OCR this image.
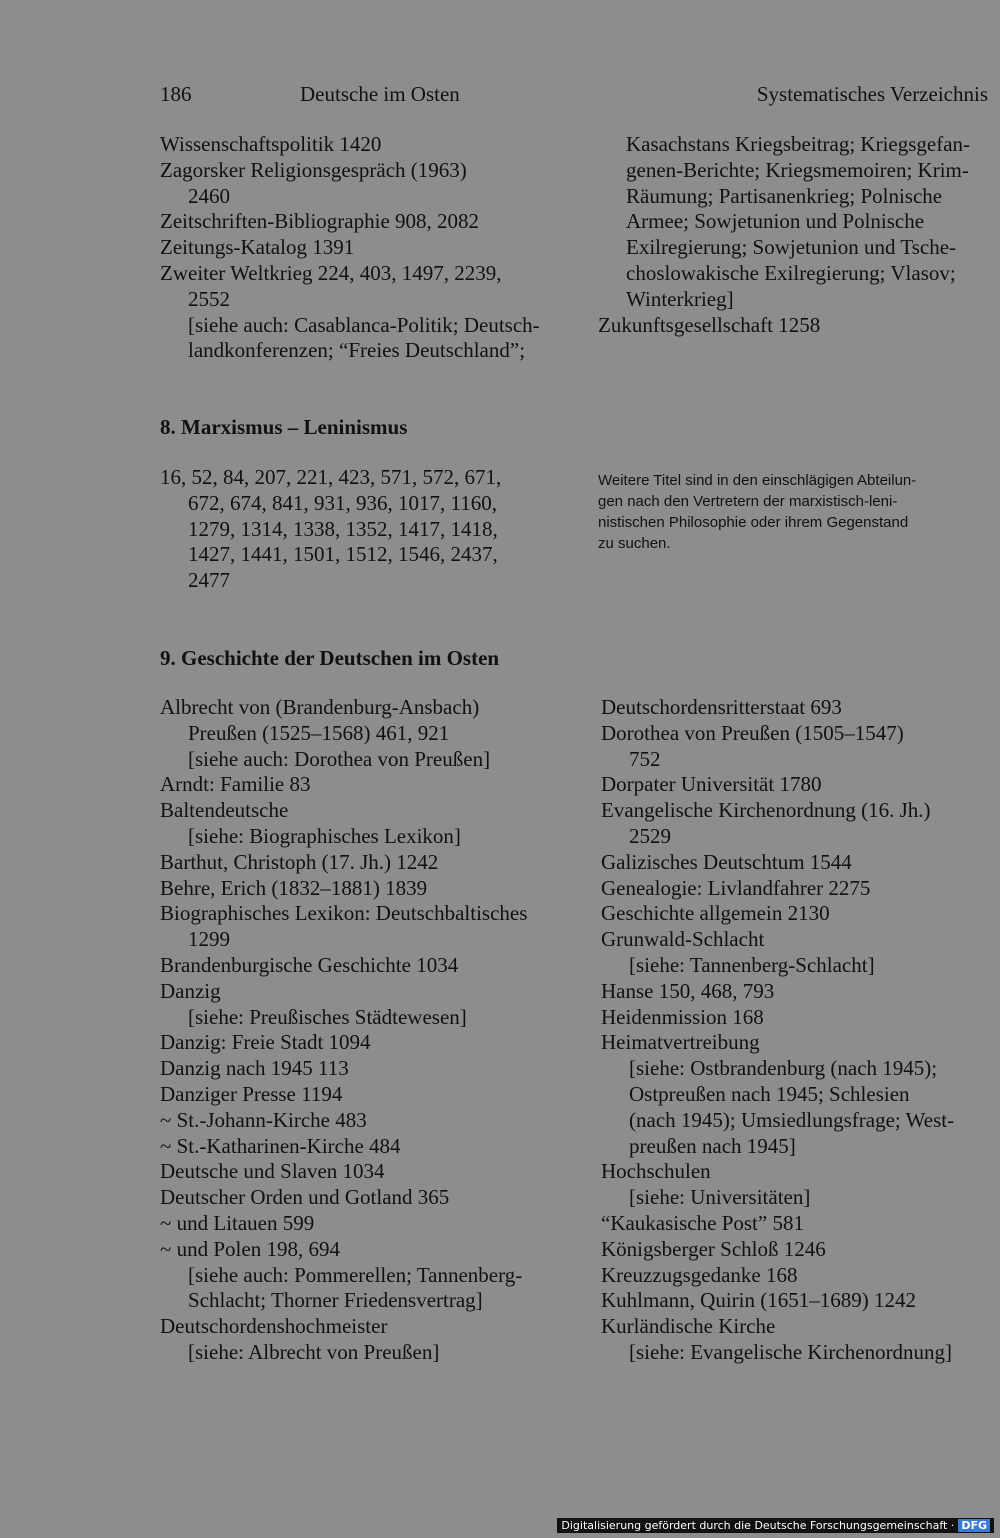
186	Deutsche im Osten	Systematisches Verzeichnis
Wissenschaftspolitik 1420
Zagorsker Religionsgespräch (1963)
2460
Zeitschriften-Bibliographie 908, 2082
Zeitungs-Katalog 1391
Zweiter Weltkrieg 224, 403, 1497, 2239,
2552
[siehe auch: Casablanca-Politik; Deutsch-
landkonferenzen; “Freies Deutschland”;
Kasachstans Kriegsbeitrag; Kriegsgefan-
genen-Berichte; Kriegsmemoiren; Krim-
Räumung; Partisanenkrieg; Polnische
Armee; Sowjetunion und Polnische
Exilregierung; Sowjetunion und Tsche-
choslowakische Exilregierung; Vlasov;
Winterkrieg]
Zukunftsgesellschaft 1258
8. Marxismus – Leninismus
16, 52, 84, 207, 221, 423, 571, 572, 671,
672, 674, 841, 931, 936, 1017, 1160,
1279, 1314, 1338, 1352, 1417, 1418,
1427, 1441, 1501, 1512, 1546, 2437,
2477
Weitere Titel sind in den einschlägigen Abteilun-
gen nach den Vertretern der marxistisch-leni-
nistischen Philosophie oder ihrem Gegenstand
zu suchen.
9. Geschichte der Deutschen im Osten
Albrecht von (Brandenburg-Ansbach)
Preußen (1525–1568) 461, 921
[siehe auch: Dorothea von Preußen]
Arndt: Familie 83
Baltendeutsche
[siehe: Biographisches Lexikon]
Barthut, Christoph (17. Jh.) 1242
Behre, Erich (1832–1881) 1839
Biographisches Lexikon: Deutschbaltisches
1299
Brandenburgische Geschichte 1034
Danzig
[siehe: Preußisches Städtewesen]
Danzig: Freie Stadt 1094
Danzig nach 1945 113
Danziger Presse 1194
~ St.-Johann-Kirche 483
~ St.-Katharinen-Kirche 484
Deutsche und Slaven 1034
Deutscher Orden und Gotland 365
~ und Litauen 599
~ und Polen 198, 694
[siehe auch: Pommerellen; Tannenberg-
Schlacht; Thorner Friedensvertrag]
Deutschordenshochmeister
[siehe: Albrecht von Preußen]
Deutschordensritterstaat 693
Dorothea von Preußen (1505–1547)
752
Dorpater Universität 1780
Evangelische Kirchenordnung (16. Jh.)
2529
Galizisches Deutschtum 1544
Genealogie: Livlandfahrer 2275
Geschichte allgemein 2130
Grunwald-Schlacht
[siehe: Tannenberg-Schlacht]
Hanse 150, 468, 793
Heidenmission 168
Heimatvertreibung
[siehe: Ostbrandenburg (nach 1945);
Ostpreußen nach 1945; Schlesien
(nach 1945); Umsiedlungsfrage; West-
preußen nach 1945]
Hochschulen
[siehe: Universitäten]
“Kaukasische Post” 581
Königsberger Schloß 1246
Kreuzzugsgedanke 168
Kuhlmann, Quirin (1651–1689) 1242
Kurländische Kirche
[siehe: Evangelische Kirchenordnung]
Digitalisierung gefördert durch die Deutsche Forschungsgemeinschaft · DFG
